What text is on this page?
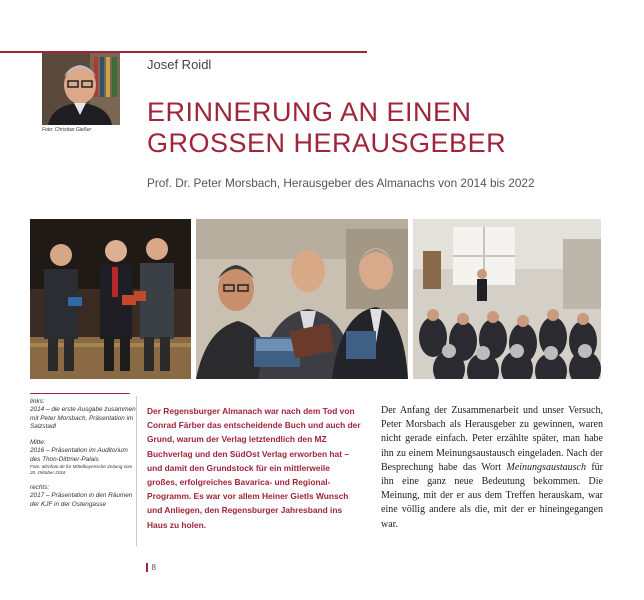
Foto: Christian Gießer
Josef Roidl
ERINNERUNG AN EINEN GROSSEN HERAUSGEBER
Prof. Dr. Peter Morsbach, Herausgeber des Almanachs von 2014 bis 2022
links:
2014 – die erste Ausgabe zusammen mit Peter Morsbach, Präsentation im Salzstadl
Mitte:
2016 – Präsentation im Auditorium des Thon-Dittmer-Palais
Foto: altrofoto.de für Mittelbayerische Zeitung vom 20. Oktober 2016
rechts:
2017 – Präsentation in den Räumen der KJF in der Ostengasse
Der Regensburger Almanach war nach dem Tod von Conrad Färber das entscheidende Buch und auch der Grund, warum der Verlag letztendlich den MZ Buchverlag und den SüdOst Verlag erworben hat – und damit den Grundstock für ein mittlerweile großes, erfolgreiches Bavarica- und Regional-Programm. Es war vor allem Heiner Gietls Wunsch und Anliegen, den Regensburger Jahresband ins Haus zu holen.

Der Anfang der Zusammenarbeit und unser Versuch, Peter Morsbach als Herausgeber zu gewinnen, waren nicht gerade einfach. Peter erzählte später, man habe ihn zu einem Meinungsaustausch eingeladen. Nach der Besprechung habe das Wort Meinungsaustausch für ihn eine ganz neue Bedeutung bekommen. Die Meinung, mit der er aus dem Treffen herauskam, war eine völlig andere als die, mit der er hineingegangen war.

8
